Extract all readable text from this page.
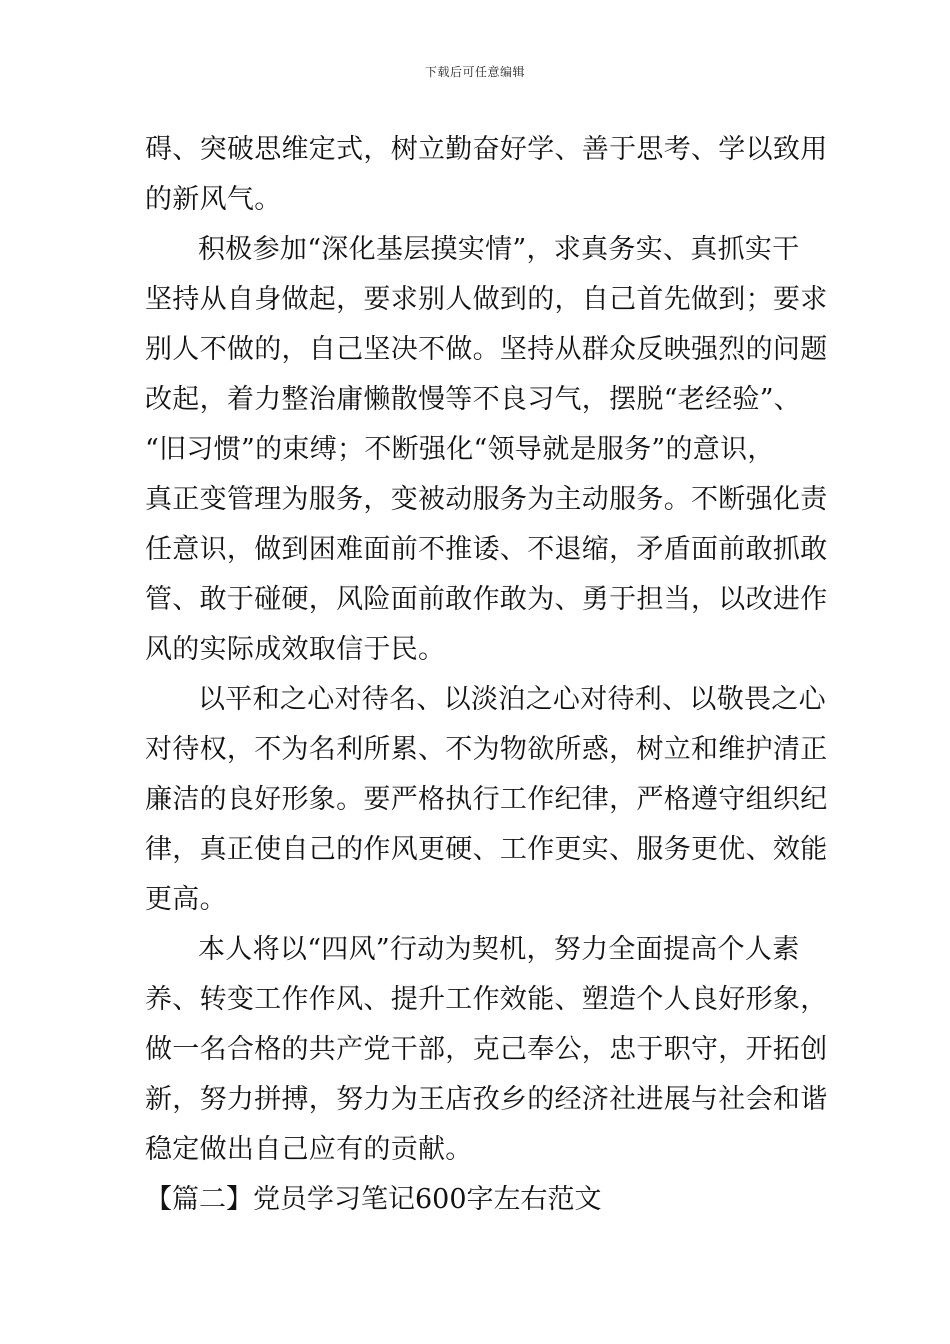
下载后可任意编辑
碍、突破思维定式，树立勤奋好学、善于思考、学以致用
的新风气。
积极参加“深化基层摸实情”，求真务实、真抓实干
坚持从自身做起，要求别人做到的，自己首先做到；要求
别人不做的，自己坚决不做。坚持从群众反映强烈的问题
改起，着力整治庸懒散慢等不良习气，摆脱“老经验”、
“旧习惯”的束缚；不断强化“领导就是服务”的意识，
真正变管理为服务，变被动服务为主动服务。不断强化责
任意识，做到困难面前不推诿、不退缩，矛盾面前敢抓敢
管、敢于碰硬，风险面前敢作敢为、勇于担当，以改进作
风的实际成效取信于民。
以平和之心对待名、以淡泊之心对待利、以敬畏之心
对待权，不为名利所累、不为物欲所惑，树立和维护清正
廉洁的良好形象。要严格执行工作纪律，严格遵守组织纪
律，真正使自己的作风更硬、工作更实、服务更优、效能
更高。
本人将以“四风”行动为契机，努力全面提高个人素
养、转变工作作风、提升工作效能、塑造个人良好形象，
做一名合格的共产党干部，克己奉公，忠于职守，开拓创
新，努力拼搏，努力为王店孜乡的经济社进展与社会和谐
稳定做出自己应有的贡献。
【篇二】党员学习笔记600字左右范文
